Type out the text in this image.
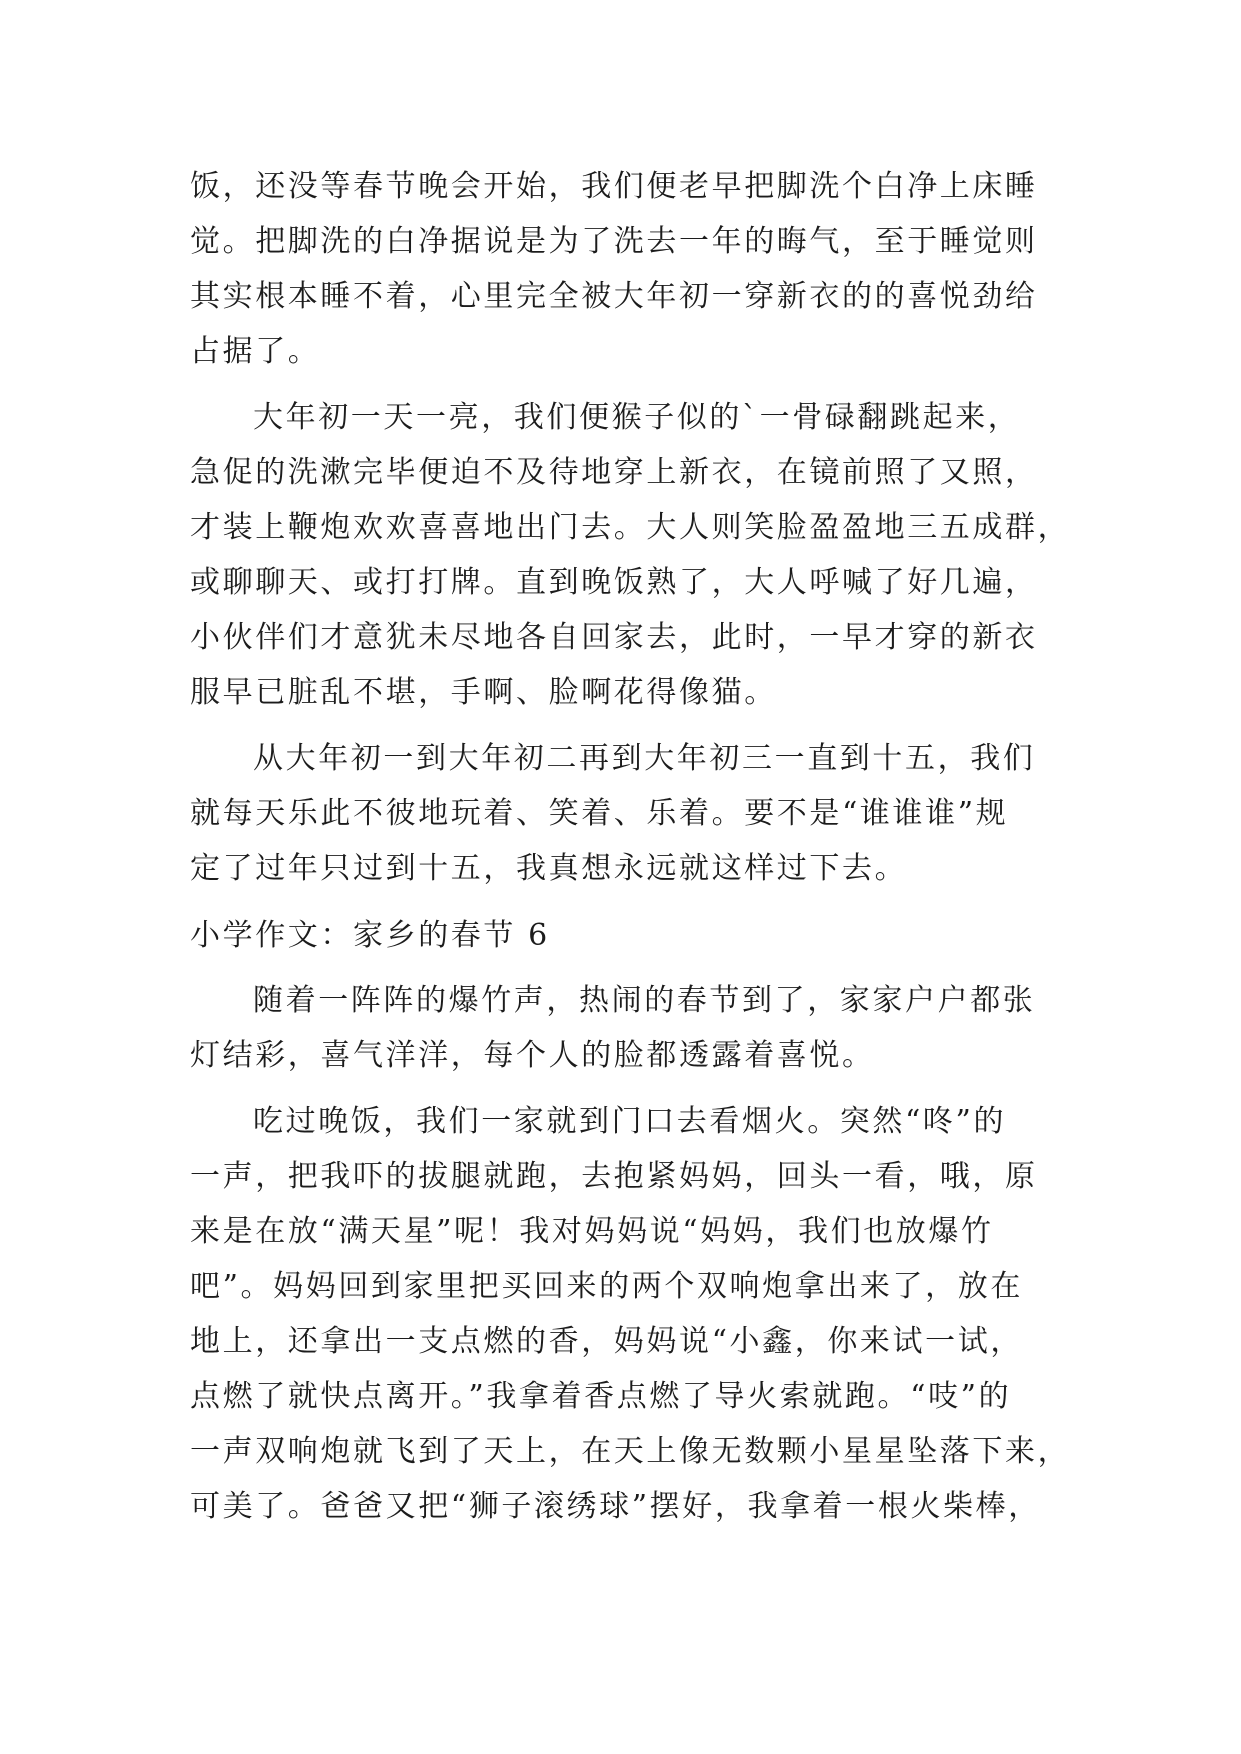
饭，还没等春节晚会开始，我们便老早把脚洗个白净上床睡

觉。把脚洗的白净据说是为了洗去一年的晦气，至于睡觉则

其实根本睡不着，心里完全被大年初一穿新衣的的喜悦劲给

占据了。

大年初一天一亮，我们便猴子似的`一骨碌翻跳起来，

急促的洗漱完毕便迫不及待地穿上新衣，在镜前照了又照，

才装上鞭炮欢欢喜喜地出门去。大人则笑脸盈盈地三五成群，

或聊聊天、或打打牌。直到晚饭熟了，大人呼喊了好几遍，

小伙伴们才意犹未尽地各自回家去，此时，一早才穿的新衣

服早已脏乱不堪，手啊、脸啊花得像猫。

从大年初一到大年初二再到大年初三一直到十五，我们

就每天乐此不彼地玩着、笑着、乐着。要不是“谁谁谁”规

定了过年只过到十五，我真想永远就这样过下去。

小学作文：家乡的春节 6

随着一阵阵的爆竹声，热闹的春节到了，家家户户都张

灯结彩，喜气洋洋，每个人的脸都透露着喜悦。

吃过晚饭，我们一家就到门口去看烟火。突然“咚”的

一声，把我吓的拔腿就跑，去抱紧妈妈，回头一看，哦，原

来是在放“满天星”呢！我对妈妈说“妈妈，我们也放爆竹

吧”。妈妈回到家里把买回来的两个双响炮拿出来了，放在

地上，还拿出一支点燃的香，妈妈说“小鑫，你来试一试，

点燃了就快点离开。”我拿着香点燃了导火索就跑。“吱”的

一声双响炮就飞到了天上，在天上像无数颗小星星坠落下来，

可美了。爸爸又把“狮子滚绣球”摆好，我拿着一根火柴棒，
